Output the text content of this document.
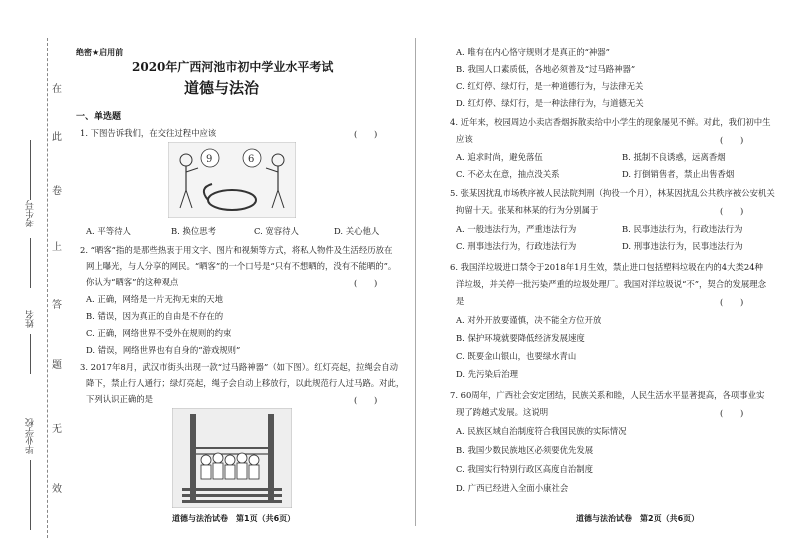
在
此
卷
上
答
题
无
效
考生号
姓名
毕业学校
绝密★启用前
2020年广西河池市初中学业水平考试
道德与法治
一、单选题
1. 下图告诉我们，在交往过程中应该	(　　)
9	6
A. 平等待人	B. 换位思考	C. 宽容待人	D. 关心他人
2. “晒客”指的是那些热衷于用文字、图片和视频等方式，将私人物件及生活经历放在
网上曝光，与人分享的网民。“晒客”的一个口号是“只有不想晒的，没有不能晒的”。
你认为“晒客”的这种观点	(　　)
A. 正确，网络是一片无拘无束的天地
B. 错误，因为真正的自由是不存在的
C. 正确，网络世界不受外在规则的约束
D. 错误，网络世界也有自身的“游戏规则”
3. 2017年8月，武汉市街头出现一款“过马路神器”（如下图）。红灯亮起，拉绳会自动
降下，禁止行人通行；绿灯亮起，绳子会自动上移放行，以此规范行人过马路。对此，
下列认识正确的是	(　　)
道德与法治试卷　第1页（共6页）
A. 唯有在内心恪守规则才是真正的“神器”
B. 我国人口素质低，各地必须普及“过马路神器”
C. 红灯停、绿灯行，是一种道德行为，与法律无关
D. 红灯停、绿灯行，是一种法律行为，与道德无关
4. 近年来，校园周边小卖店香烟拆散卖给中小学生的现象屡见不鲜。对此，我们初中生
应该	(　　)
A. 追求时尚，避免落伍	B. 抵制不良诱惑，远离香烟
C. 不必太在意，抽点没关系	D. 打倒销售者，禁止出售香烟
5. 张某因扰乱市场秩序被人民法院判刑（拘役一个月），林某因扰乱公共秩序被公安机关
拘留十天。张某和林某的行为分别属于	(　　)
A. 一般违法行为，严重违法行为	B. 民事违法行为，行政违法行为
C. 刑事违法行为，行政违法行为	D. 刑事违法行为，民事违法行为
6. 我国洋垃圾进口禁令于2018年1月生效，禁止进口包括塑料垃圾在内的4大类24种
洋垃圾，并关停一批污染严重的垃圾处理厂。我国对洋垃圾说“不”，契合的发展理念
是	(　　)
A. 对外开放要谨慎，决不能全方位开放
B. 保护环境就要降低经济发展速度
C. 既要金山银山，也要绿水青山
D. 先污染后治理
7. 60周年，广西社会安定团结，民族关系和睦，人民生活水平显著提高，各项事业实
现了跨越式发展。这说明	(　　)
A. 民族区域自治制度符合我国民族的实际情况
B. 我国少数民族地区必须要优先发展
C. 我国实行特别行政区高度自治制度
D. 广西已经进入全面小康社会
道德与法治试卷　第2页（共6页）
